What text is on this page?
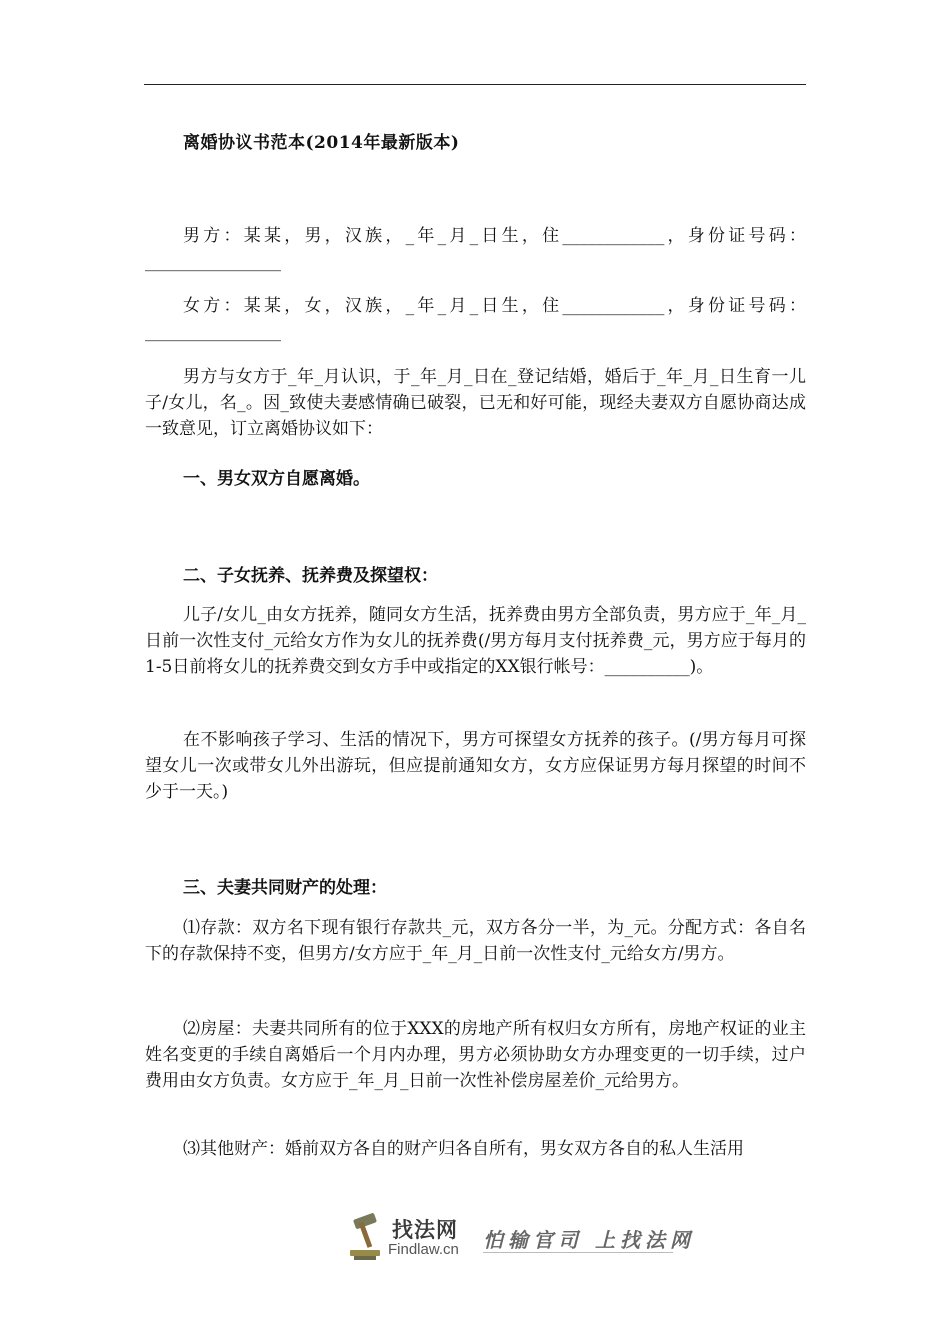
离婚协议书范本(2014年最新版本)
男方：某某，男，汉族，_年_月_日生，住____________，身份证号码：________________
女方：某某，女，汉族，_年_月_日生，住____________，身份证号码：________________
男方与女方于_年_月认识，于_年_月_日在_登记结婚，婚后于_年_月_日生育一儿子/女儿，名_。因_致使夫妻感情确已破裂，已无和好可能，现经夫妻双方自愿协商达成一致意见，订立离婚协议如下：
一、男女双方自愿离婚。
二、子女抚养、抚养费及探望权：
儿子/女儿_由女方抚养，随同女方生活，抚养费由男方全部负责，男方应于_年_月_日前一次性支付_元给女方作为女儿的抚养费(/男方每月支付抚养费_元，男方应于每月的1-5日前将女儿的抚养费交到女方手中或指定的XX银行帐号：__________)。
在不影响孩子学习、生活的情况下，男方可探望女方抚养的孩子。(/男方每月可探望女儿一次或带女儿外出游玩，但应提前通知女方，女方应保证男方每月探望的时间不少于一天。)
三、夫妻共同财产的处理：
⑴存款：双方名下现有银行存款共_元，双方各分一半，为_元。分配方式：各自名下的存款保持不变，但男方/女方应于_年_月_日前一次性支付_元给女方/男方。
⑵房屋：夫妻共同所有的位于XXX的房地产所有权归女方所有，房地产权证的业主姓名变更的手续自离婚后一个月内办理，男方必须协助女方办理变更的一切手续，过户费用由女方负责。女方应于_年_月_日前一次性补偿房屋差价_元给男方。
⑶其他财产：婚前双方各自的财产归各自所有，男女双方各自的私人生活用
找法网
Findlaw.cn 怕输官司 上找法网
